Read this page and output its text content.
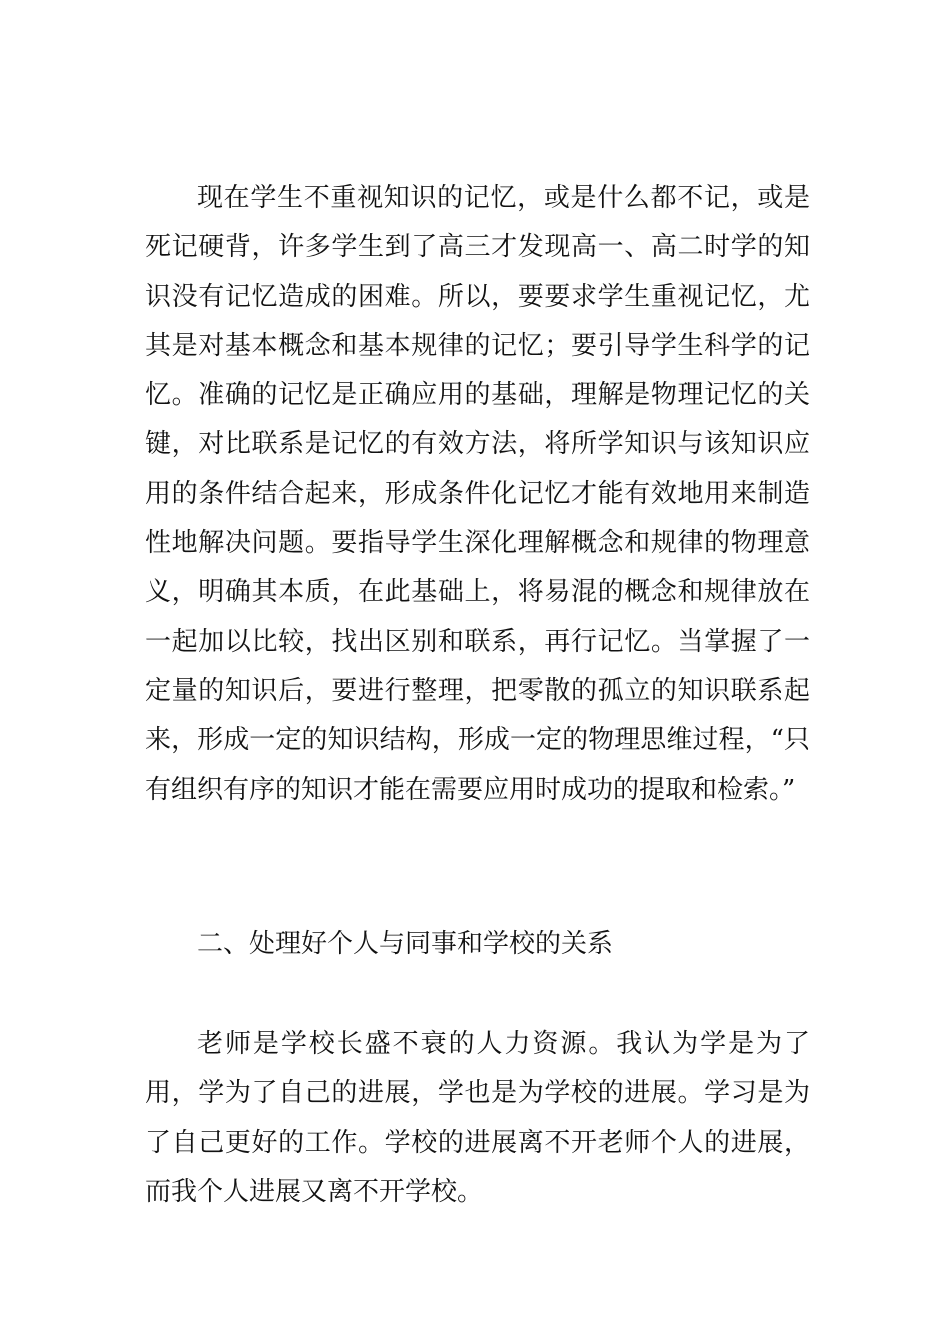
现在学生不重视知识的记忆，或是什么都不记，或是死记硬背，许多学生到了高三才发现高一、高二时学的知识没有记忆造成的困难。所以，要要求学生重视记忆，尤其是对基本概念和基本规律的记忆；要引导学生科学的记忆。准确的记忆是正确应用的基础，理解是物理记忆的关键，对比联系是记忆的有效方法，将所学知识与该知识应用的条件结合起来，形成条件化记忆才能有效地用来制造性地解决问题。要指导学生深化理解概念和规律的物理意义，明确其本质，在此基础上，将易混的概念和规律放在一起加以比较，找出区别和联系，再行记忆。当掌握了一定量的知识后，要进行整理，把零散的孤立的知识联系起来，形成一定的知识结构，形成一定的物理思维过程，“只有组织有序的知识才能在需要应用时成功的提取和检索。”

二、处理好个人与同事和学校的关系

老师是学校长盛不衰的人力资源。我认为学是为了用，学为了自己的进展，学也是为学校的进展。学习是为了自己更好的工作。学校的进展离不开老师个人的进展，而我个人进展又离不开学校。
